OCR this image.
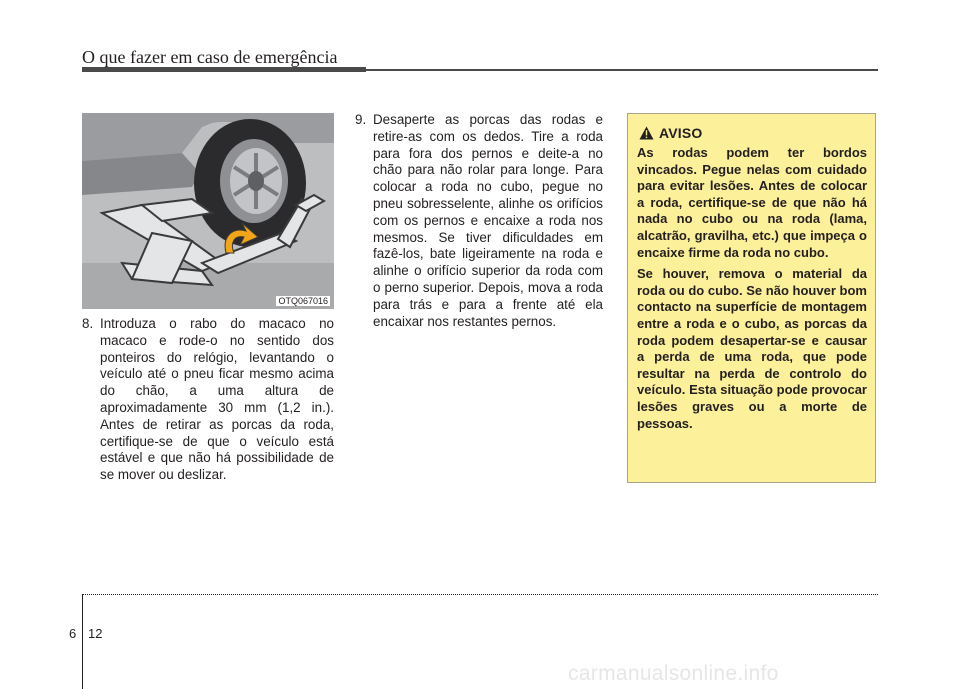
O que fazer em caso de emergência
OTQ067016
8. Introduza o rabo do macaco no macaco e rode-o no sentido dos ponteiros do relógio, levantando o veículo até o pneu ficar mesmo acima do chão, a uma altura de aproximadamente 30 mm (1,2 in.). Antes de retirar as porcas da roda, certifique-se de que o veículo está estável e que não há possibilidade de se mover ou deslizar.
9. Desaperte as porcas das rodas e retire-as com os dedos. Tire a roda para fora dos pernos e deite-a no chão para não rolar para longe. Para colocar a roda no cubo, pegue no pneu sobresselente, alinhe os orifícios com os pernos e encaixe a roda nos mesmos. Se tiver dificuldades em fazê-los, bate ligeiramente na roda e alinhe o orifício superior da roda com o perno superior. Depois, mova a roda para trás e para a frente até ela encaixar nos restantes pernos.
AVISO

As rodas podem ter bordos vincados. Pegue nelas com cuidado para evitar lesões. Antes de colocar a roda, certifique-se de que não há nada no cubo ou na roda (lama, alcatrão, gravilha, etc.) que impeça o encaixe firme da roda no cubo.

Se houver, remova o material da roda ou do cubo. Se não houver bom contacto na superfície de montagem entre a roda e o cubo, as porcas da roda podem desapertar-se e causar a perda de uma roda, que pode resultar na perda de controlo do veículo. Esta situação pode provocar lesões graves ou a morte de pessoas.

6 12
carmanualsonline.info
